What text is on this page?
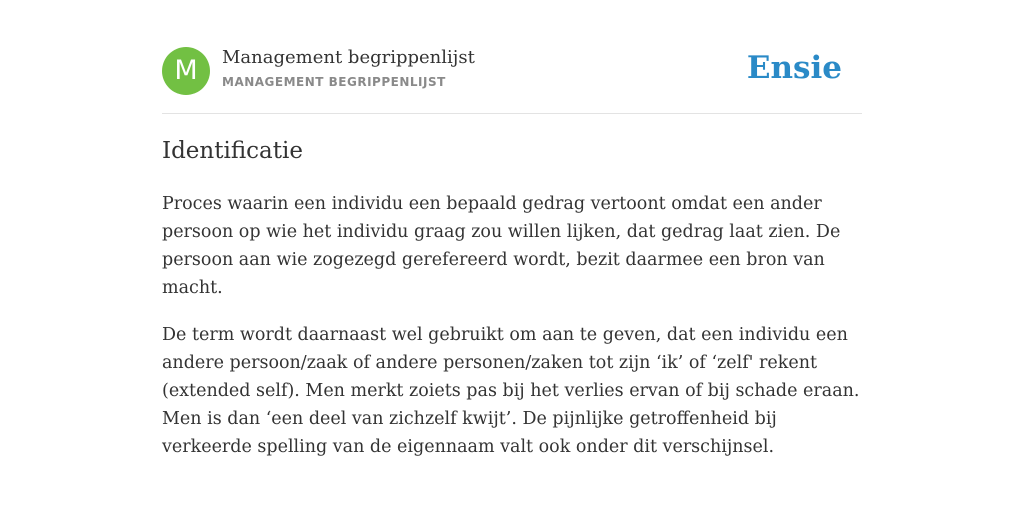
M	Management begrippenlijst
MANAGEMENT BEGRIPPENLIJST	Ensie
Identificatie

Proces waarin een individu een bepaald gedrag vertoont omdat een ander persoon op wie het individu graag zou willen lijken, dat gedrag laat zien. De persoon aan wie zogezegd gerefereerd wordt, bezit daarmee een bron van macht.

De term wordt daarnaast wel gebruikt om aan te geven, dat een individu een andere persoon/zaak of andere personen/zaken tot zijn ‘ik’ of ‘zelf' rekent (extended self). Men merkt zoiets pas bij het verlies ervan of bij schade eraan. Men is dan ‘een deel van zichzelf kwijt’. De pijnlijke getroffenheid bij verkeerde spelling van de eigennaam valt ook onder dit verschijnsel.
